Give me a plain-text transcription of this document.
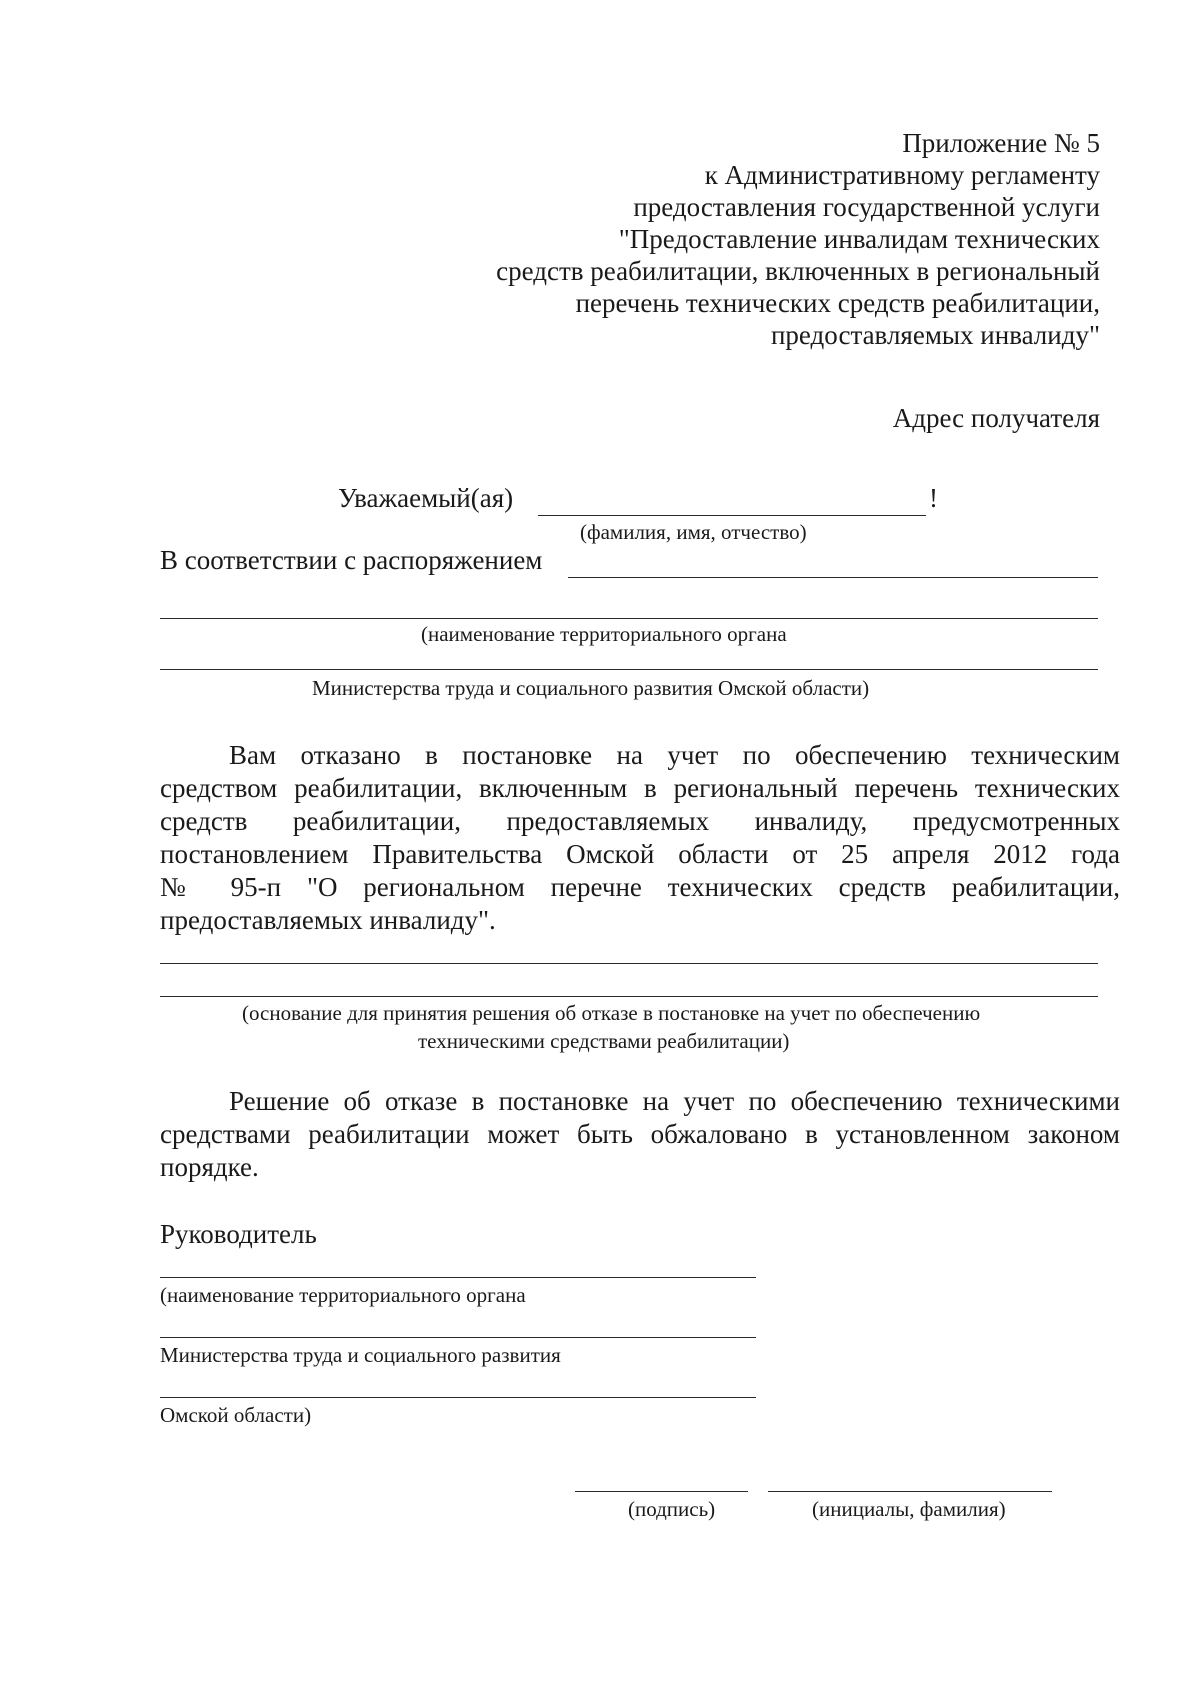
Приложение № 5
к Административному регламенту
предоставления государственной услуги
"Предоставление инвалидам технических
средств реабилитации, включенных в региональный
перечень технических средств реабилитации,
предоставляемых инвалиду"
Адрес получателя
Уважаемый(ая)	!
(фамилия, имя, отчество)
В соответствии с распоряжением
(наименование территориального органа
Министерства труда и социального развития Омской области)
Вам отказано в постановке на учет по обеспечению техническим
средством реабилитации, включенным в региональный перечень технических
средств реабилитации, предоставляемых инвалиду, предусмотренных
постановлением Правительства Омской области от 25 апреля 2012 года
№ 95-п "О региональном перечне технических средств реабилитации,
предоставляемых инвалиду".
(основание для принятия решения об отказе в постановке на учет по обеспечению
техническими средствами реабилитации)
Решение об отказе в постановке на учет по обеспечению техническими
средствами реабилитации может быть обжаловано в установленном законом
порядке.
Руководитель
(наименование территориального органа
Министерства труда и социального развития
Омской области)
(подпись)	(инициалы, фамилия)
